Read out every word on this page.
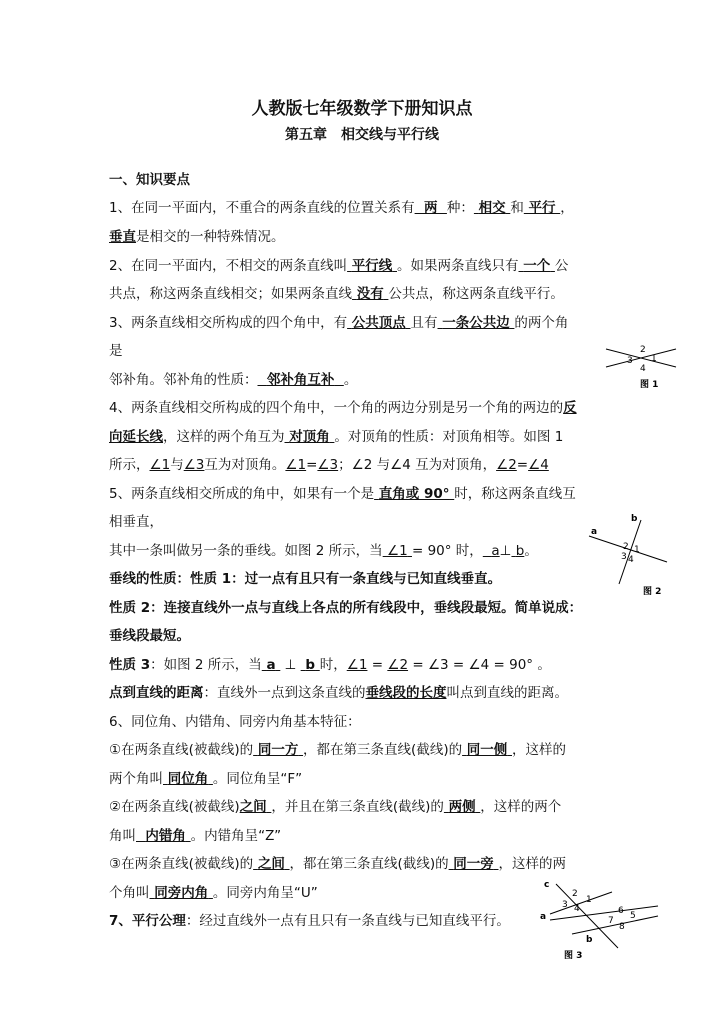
人教版七年级数学下册知识点
第五章　相交线与平行线
一、知识要点
1、在同一平面内，不重合的两条直线的位置关系有 两 种： 相交 和 平行 ，
垂直是相交的一种特殊情况。
2、在同一平面内，不相交的两条直线叫 平行线 。如果两条直线只有 一个 公
共点，称这两条直线相交；如果两条直线 没有 公共点，称这两条直线平行。
3、两条直线相交所构成的四个角中，有 公共顶点 且有 一条公共边 的两个角
是
邻补角。邻补角的性质： 邻补角互补 。
4、两条直线相交所构成的四个角中，一个角的两边分别是另一个角的两边的反
向延长线，这样的两个角互为 对顶角 。对顶角的性质：对顶角相等。如图 1
所示，∠1与∠3互为对顶角。∠1=∠3；∠2 与∠4 互为对顶角，∠2=∠4
5、两条直线相交所成的角中，如果有一个是 直角或 90° 时，称这两条直线互
相垂直，
其中一条叫做另一条的垂线。如图 2 所示，当 ∠1 = 90° 时， a⊥ b。
垂线的性质：性质 1：过一点有且只有一条直线与已知直线垂直。
性质 2：连接直线外一点与直线上各点的所有线段中，垂线段最短。简单说成：
垂线段最短。
性质 3：如图 2 所示，当 a ⊥ b 时，∠1 = ∠2 = ∠3 = ∠4 = 90° 。
点到直线的距离：直线外一点到这条直线的垂线段的长度叫点到直线的距离。
6、同位角、内错角、同旁内角基本特征：
①在两条直线(被截线)的 同一方 ，都在第三条直线(截线)的 同一侧 ，这样的
两个角叫 同位角 。同位角呈“F”
②在两条直线(被截线)之间 ，并且在第三条直线(截线)的 两侧 ，这样的两个
角叫 内错角 。内错角呈“Z”
③在两条直线(被截线)的 之间 ，都在第三条直线(截线)的 同一旁 ，这样的两
个角叫 同旁内角 。同旁内角呈“U”
7、平行公理：经过直线外一点有且只有一条直线与已知直线平行。
2
1
3
4
图 1
a
b
2 1
3 4
图 2
c
a
b
2
1
3 4	6 5
7
8
图 3
